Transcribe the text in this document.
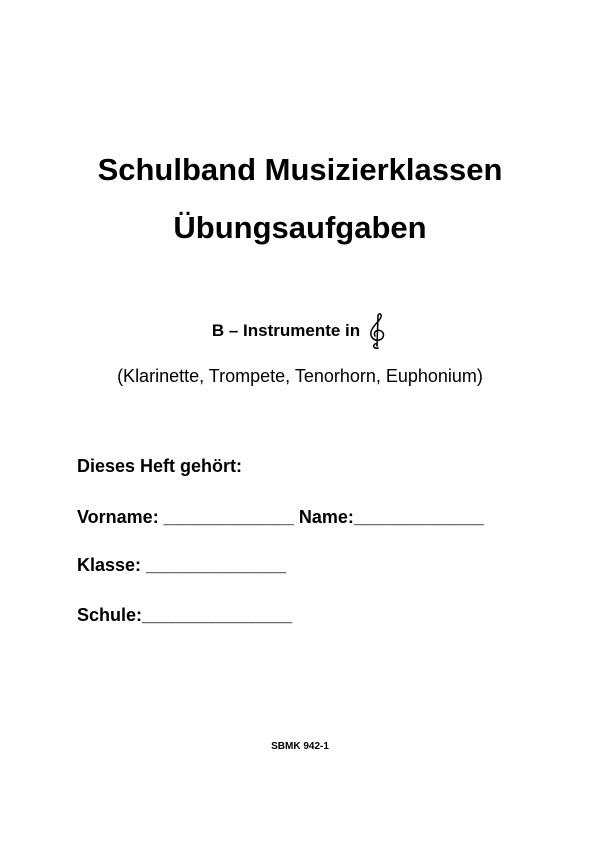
Schulband Musizierklassen
Übungsaufgaben
B – Instrumente in
(Klarinette, Trompete, Tenorhorn, Euphonium)
Dieses Heft gehört:
Vorname: _____________ Name:_____________
Klasse: ______________
Schule:_______________
SBMK 942-1
